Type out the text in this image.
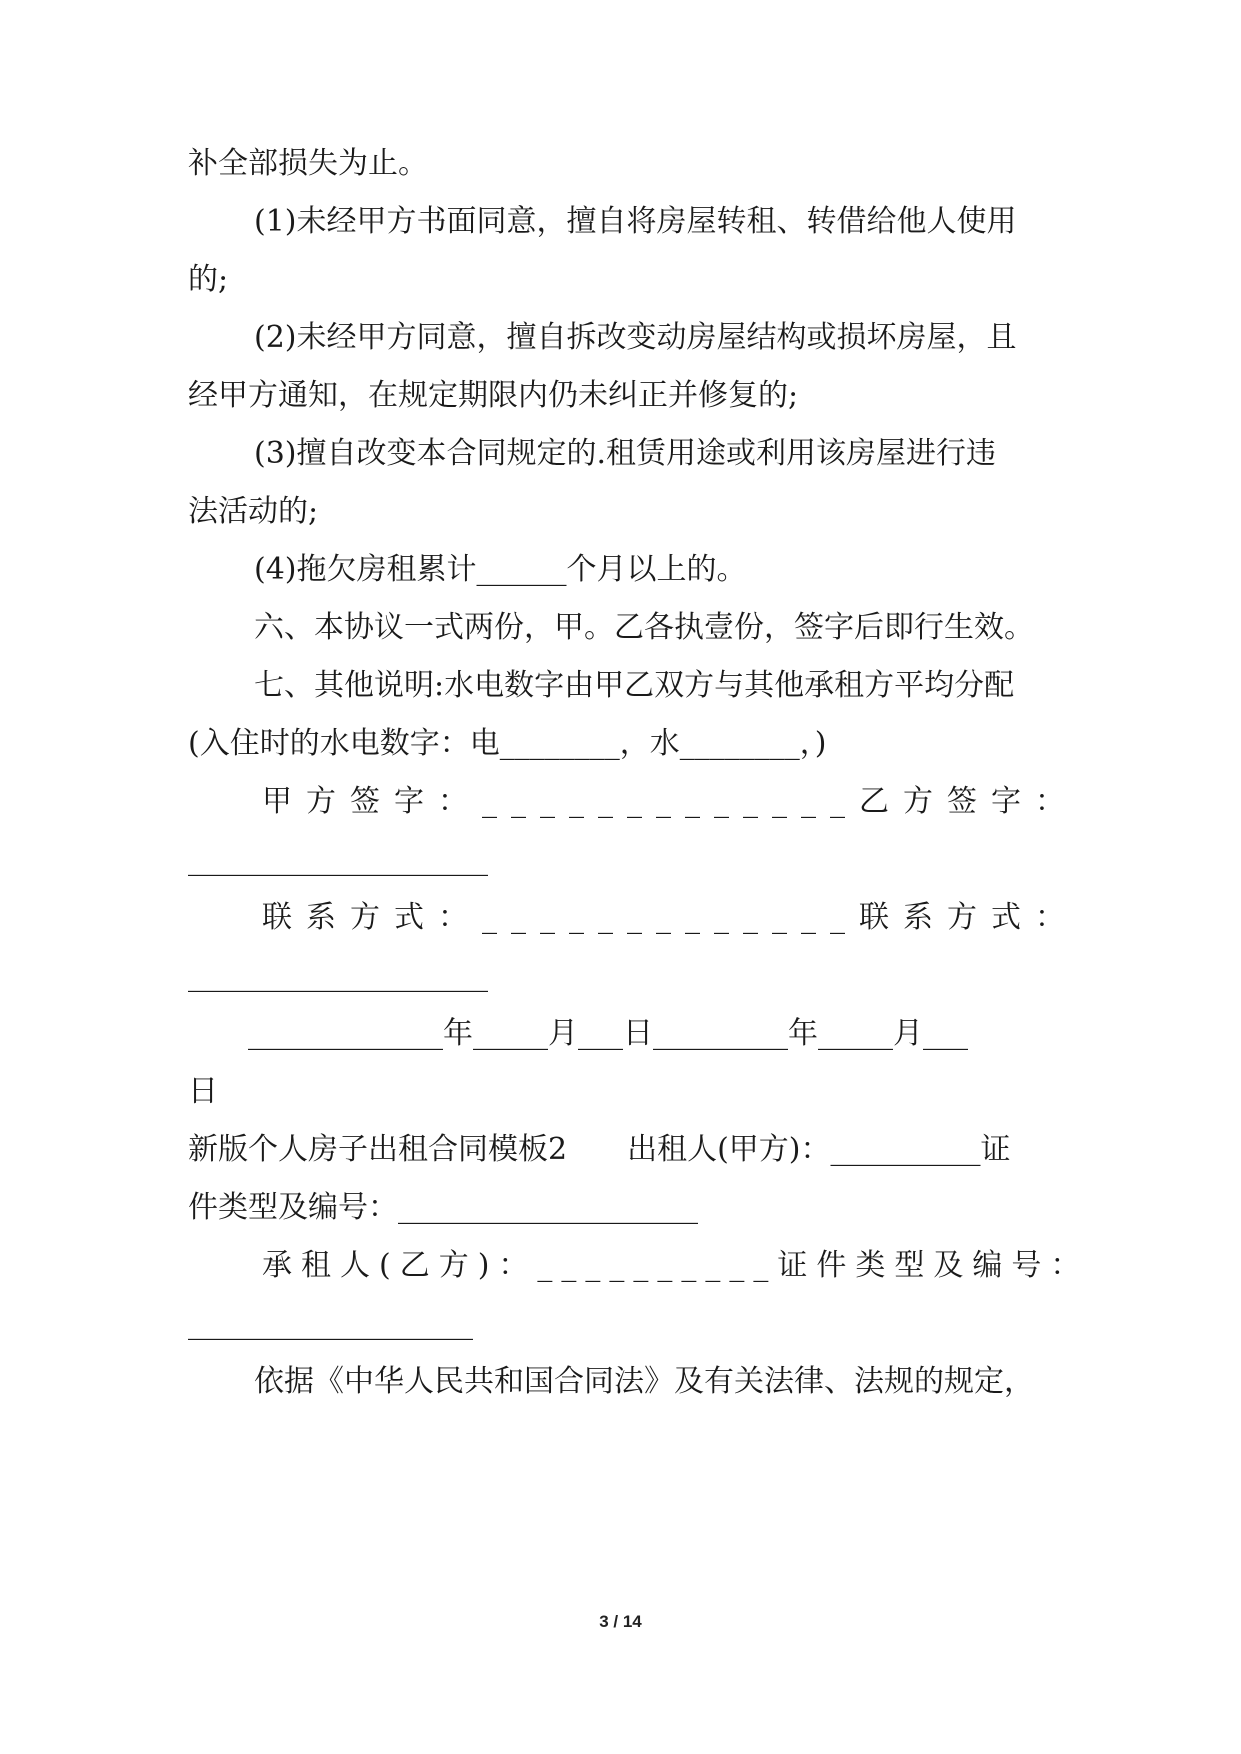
补全部损失为止。
(1)未经甲方书面同意，擅自将房屋转租、转借给他人使用
的;
(2)未经甲方同意，擅自拆改变动房屋结构或损坏房屋，且
经甲方通知，在规定期限内仍未纠正并修复的;
(3)擅自改变本合同规定的.租赁用途或利用该房屋进行违
法活动的;
(4)拖欠房租累计______个月以上的。
六、本协议一式两份，甲。乙各执壹份，签字后即行生效。
七、其他说明:水电数字由甲乙双方与其他承租方平均分配
(入住时的水电数字：电________，水________，)
甲方签字：_____________乙方签字：
____________________
联系方式：_____________联系方式：
____________________
_____________年_____月___日_________年_____月___
日
新版个人房子出租合同模板2　　出租人(甲方)：__________证
件类型及编号：____________________
承租人(乙方)：__________证件类型及编号：
___________________
依据《中华人民共和国合同法》及有关法律、法规的规定，
3 / 14
